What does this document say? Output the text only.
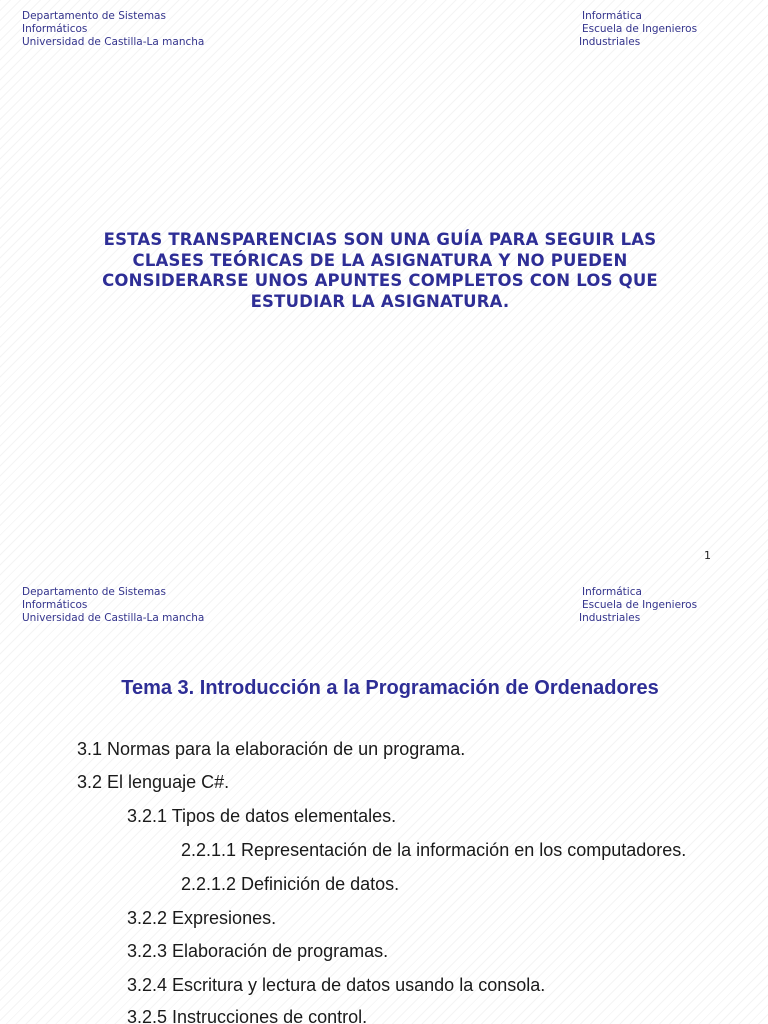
Departamento de Sistemas
Informáticos
Universidad de Castilla-La mancha
Informática
Escuela de Ingenieros
Industriales
ESTAS TRANSPARENCIAS SON UNA GUÍA PARA SEGUIR LAS
CLASES TEÓRICAS DE LA ASIGNATURA Y NO PUEDEN
CONSIDERARSE UNOS APUNTES COMPLETOS CON LOS QUE
ESTUDIAR LA ASIGNATURA.
1
Departamento de Sistemas
Informáticos
Universidad de Castilla-La mancha
Informática
Escuela de Ingenieros
Industriales
Tema 3. Introducción a la Programación de Ordenadores
3.1 Normas para la elaboración de un programa.
3.2 El lenguaje C#.
3.2.1 Tipos de datos elementales.
2.2.1.1 Representación de la información en los computadores.
2.2.1.2 Definición de datos.
3.2.2 Expresiones.
3.2.3 Elaboración de programas.
3.2.4 Escritura y lectura de datos usando la consola.
3.2.5 Instrucciones de control.
